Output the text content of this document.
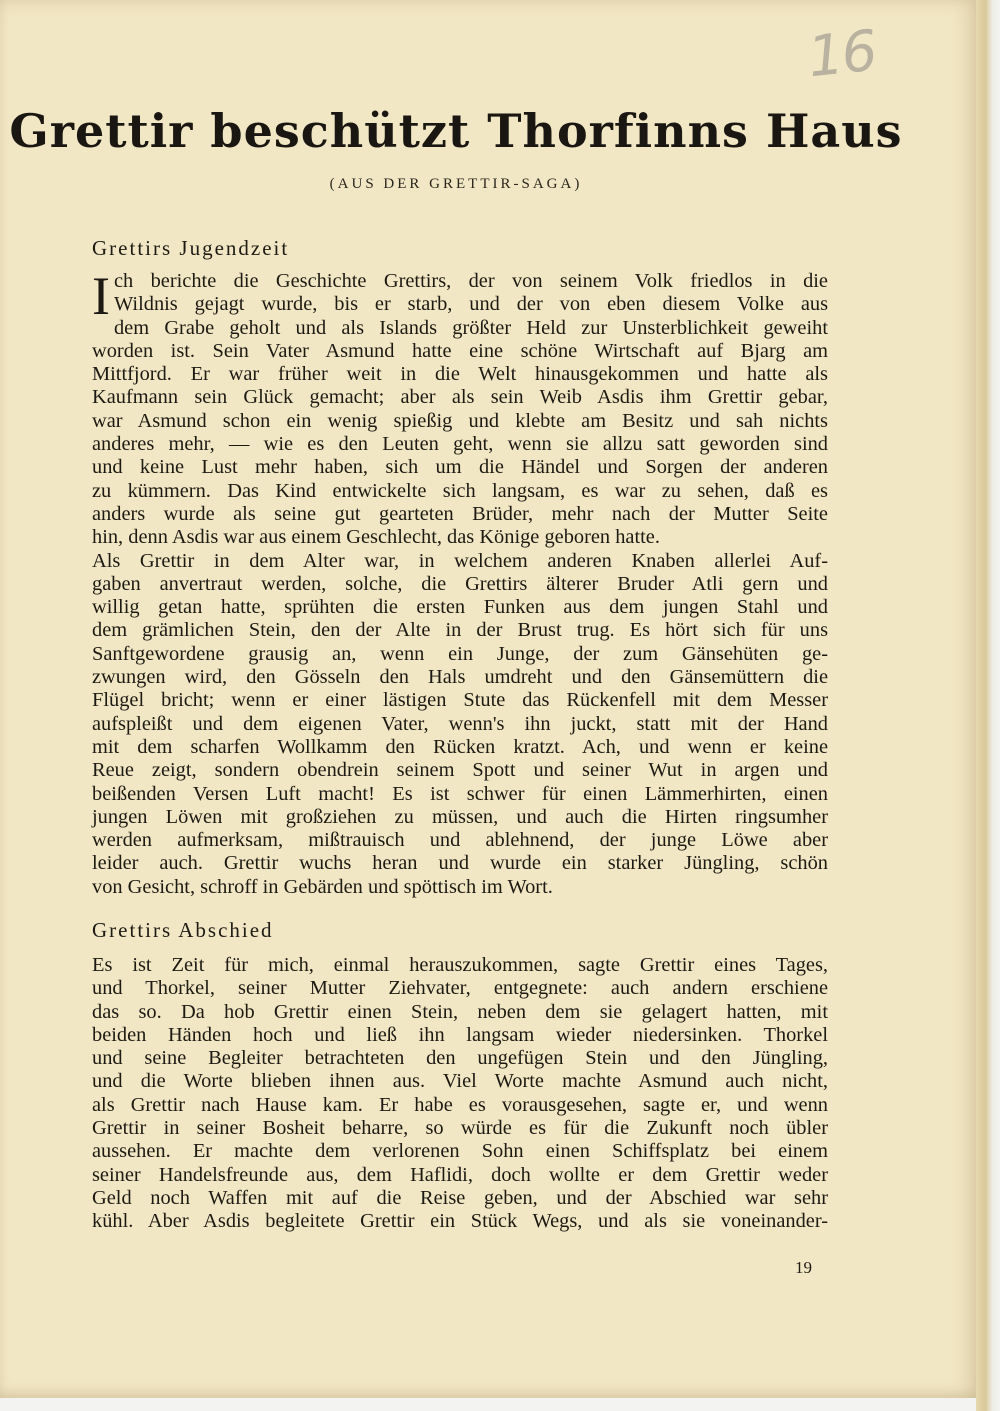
16
Grettir beschützt Thorfinns Haus
(AUS DER GRETTIR-SAGA)
Grettirs Jugendzeit
I ch berichte die Geschichte Grettirs, der von seinem Volk friedlos in die
Wildnis gejagt wurde, bis er starb, und der von eben diesem Volke aus
dem Grabe geholt und als Islands größter Held zur Unsterblichkeit geweiht
worden ist. Sein Vater Asmund hatte eine schöne Wirtschaft auf Bjarg am
Mittfjord. Er war früher weit in die Welt hinausgekommen und hatte als
Kaufmann sein Glück gemacht; aber als sein Weib Asdis ihm Grettir gebar,
war Asmund schon ein wenig spießig und klebte am Besitz und sah nichts
anderes mehr, — wie es den Leuten geht, wenn sie allzu satt geworden sind
und keine Lust mehr haben, sich um die Händel und Sorgen der anderen
zu kümmern. Das Kind entwickelte sich langsam, es war zu sehen, daß es
anders wurde als seine gut gearteten Brüder, mehr nach der Mutter Seite
hin, denn Asdis war aus einem Geschlecht, das Könige geboren hatte.
Als Grettir in dem Alter war, in welchem anderen Knaben allerlei Auf-
gaben anvertraut werden, solche, die Grettirs älterer Bruder Atli gern und
willig getan hatte, sprühten die ersten Funken aus dem jungen Stahl und
dem grämlichen Stein, den der Alte in der Brust trug. Es hört sich für uns
Sanftgewordene grausig an, wenn ein Junge, der zum Gänsehüten ge-
zwungen wird, den Gösseln den Hals umdreht und den Gänsemüttern die
Flügel bricht; wenn er einer lästigen Stute das Rückenfell mit dem Messer
aufspleißt und dem eigenen Vater, wenn's ihn juckt, statt mit der Hand
mit dem scharfen Wollkamm den Rücken kratzt. Ach, und wenn er keine
Reue zeigt, sondern obendrein seinem Spott und seiner Wut in argen und
beißenden Versen Luft macht! Es ist schwer für einen Lämmerhirten, einen
jungen Löwen mit großziehen zu müssen, und auch die Hirten ringsumher
werden aufmerksam, mißtrauisch und ablehnend, der junge Löwe aber
leider auch. Grettir wuchs heran und wurde ein starker Jüngling, schön
von Gesicht, schroff in Gebärden und spöttisch im Wort.
Grettirs Abschied
Es ist Zeit für mich, einmal herauszukommen, sagte Grettir eines Tages,
und Thorkel, seiner Mutter Ziehvater, entgegnete: auch andern erschiene
das so. Da hob Grettir einen Stein, neben dem sie gelagert hatten, mit
beiden Händen hoch und ließ ihn langsam wieder niedersinken. Thorkel
und seine Begleiter betrachteten den ungefügen Stein und den Jüngling,
und die Worte blieben ihnen aus. Viel Worte machte Asmund auch nicht,
als Grettir nach Hause kam. Er habe es vorausgesehen, sagte er, und wenn
Grettir in seiner Bosheit beharre, so würde es für die Zukunft noch übler
aussehen. Er machte dem verlorenen Sohn einen Schiffsplatz bei einem
seiner Handelsfreunde aus, dem Haflidi, doch wollte er dem Grettir weder
Geld noch Waffen mit auf die Reise geben, und der Abschied war sehr
kühl. Aber Asdis begleitete Grettir ein Stück Wegs, und als sie voneinander-
19
